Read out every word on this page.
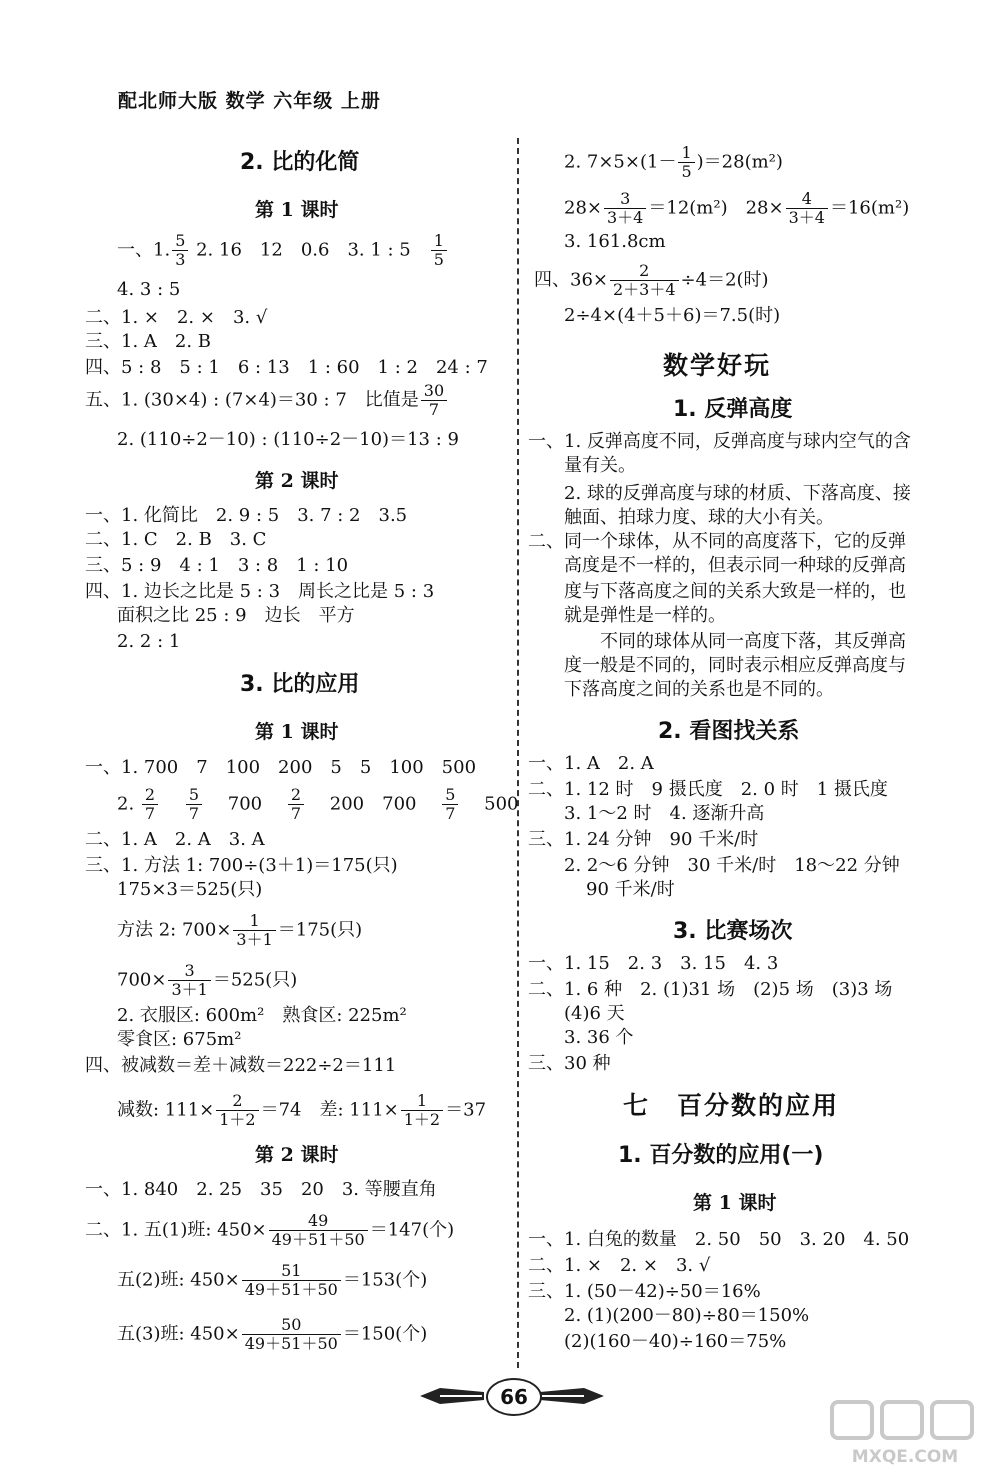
配北师大版 数学 六年级 上册
2. 比的化简
第 1 课时
一、1. $\frac{5}{3} 2$. 16　12　0.6　3. 1 : 5　 $\frac{1}{5}$
4. 3 : 5
二、1. ×　2. ×　3. √
三、1. A　2. B
四、5 : 8　5 : 1　6 : 13　1 : 60　1 : 2　24 : 7
五、1. (30×4) : (7×4)＝30 : 7　比值是 $\frac{30}{7}$
2. (110÷2－10) : (110÷2－10)＝13 : 9
第 2 课时
一、1. 化简比　2. 9 : 5　3. 7 : 2　3.5
二、1. C　2. B　3. C
三、5 : 9　4 : 1　3 : 8　1 : 10
四、1. 边长之比是 5 : 3　周长之比是 5 : 3
面积之比 25 : 9　边长　平方
2. 2 : 1
3. 比的应用
第 1 课时
一、1. 700　7　100　200　5　5　100　500
2. $\frac{2}{7}$
　 $\frac{5}{7}$
　 700　 $\frac{2}{7}$
　 200　700　 $\frac{5}{7}$
　 500
二、1. A　2. A　3. A
三、1. 方法 1: 700÷(3＋1)＝175(只)
175×3＝525(只)
方法 2: $700\times \frac{1}{3+1} =175$(只)
$700\times \frac{3}{3+1} =525$(只)
2. 衣服区: 600m²　熟食区: 225m²
零食区: 675m²
四、被减数＝差＋减数＝222÷2＝111
减数: $111\times \frac{2}{1+2} =74$　差: $111\times \frac{1}{1+2} =37$
第 2 课时
一、1. 840　2. 25　35　20　3. 等腰直角
二、1. 五(1)班: $450\times \frac{49}{49+51+50} =147$(个)
五(2)班: $450\times \frac{51}{49+51+50} =153$(个)
五(3)班: $450\times \frac{50}{49+51+50} =150$(个)
2. $7\times 5\times(1- \frac{1}{5} )=28(m^2)$
$28\times \frac{3}{3+4} =12(m^2)$　$28\times \frac{4}{3+4} =16(m^2)$
3. 161.8cm
四、$36\times \frac{2}{2+3+4} \div 4=2$(时)
2÷4×(4＋5＋6)＝7.5(时)
数学好玩
1. 反弹高度
一、1. 反弹高度不同，反弹高度与球内空气的含
量有关。
2. 球的反弹高度与球的材质、下落高度、接
触面、拍球力度、球的大小有关。
二、同一个球体，从不同的高度落下，它的反弹
高度是不一样的，但表示同一种球的反弹高
度与下落高度之间的关系大致是一样的，也
就是弹性是一样的。
不同的球体从同一高度下落，其反弹高
度一般是不同的，同时表示相应反弹高度与
下落高度之间的关系也是不同的。
2. 看图找关系
一、1. A　2. A
二、1. 12 时　9 摄氏度　2. 0 时　1 摄氏度
3. 1～2 时　4. 逐渐升高
三、1. 24 分钟　90 千米/时
2. 2～6 分钟　30 千米/时　18～22 分钟
90 千米/时
3. 比赛场次
一、1. 15　2. 3　3. 15　4. 3
二、1. 6 种　2. (1)31 场　(2)5 场　(3)3 场
(4)6 天
3. 36 个
三、30 种
七　百分数的应用
1. 百分数的应用(一)
第 1 课时
一、1. 白兔的数量　2. 50　50　3. 20　4. 50
二、1. ×　2. ×　3. √
三、1. (50－42)÷50＝16%
2. (1)(200－80)÷80＝150%
(2)(160－40)÷160＝75%
66
MXQE.COM
